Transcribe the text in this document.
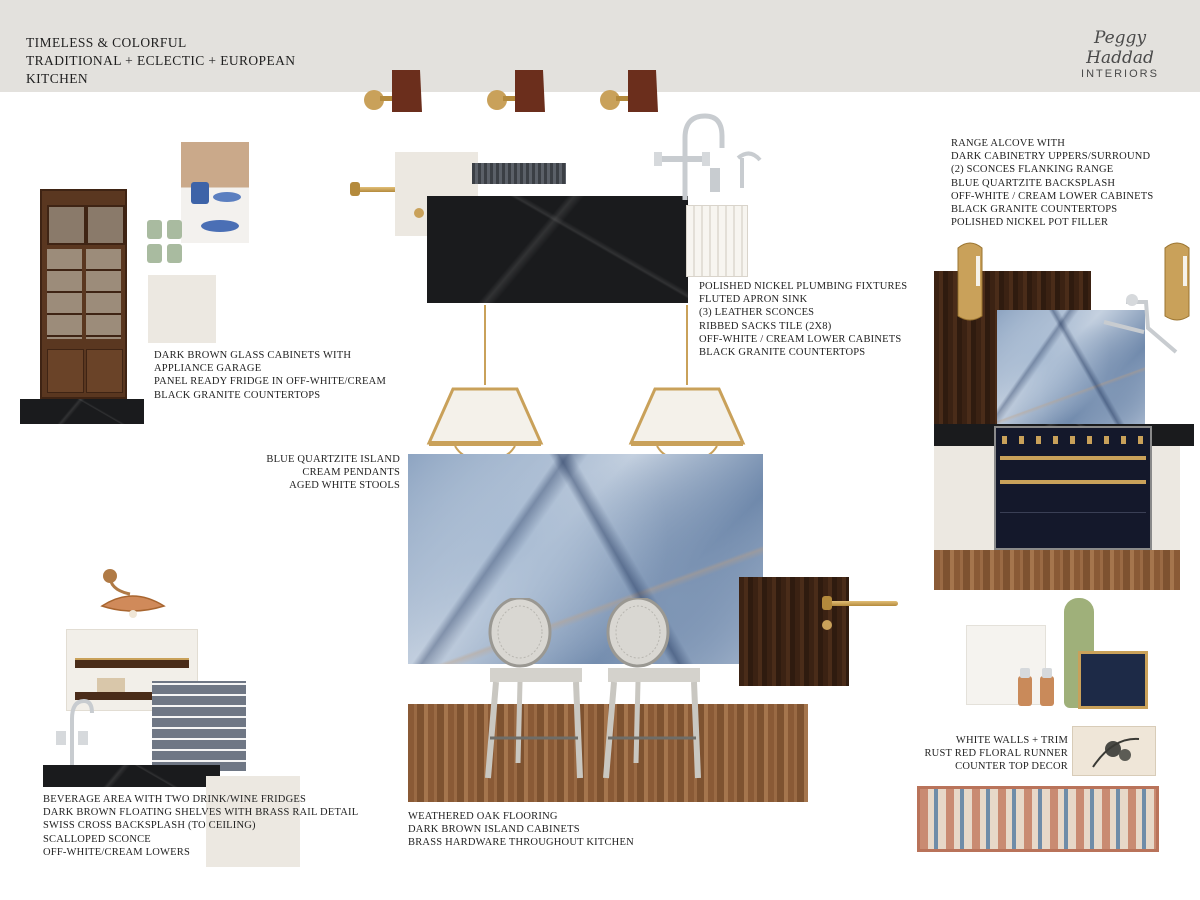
TIMELESS & COLORFUL
TRADITIONAL + ECLECTIC + EUROPEAN
KITCHEN
Peggy Haddad
INTERIORS
DARK BROWN GLASS CABINETS WITH
APPLIANCE GARAGE
PANEL READY FRIDGE IN OFF-WHITE/CREAM
BLACK GRANITE COUNTERTOPS
POLISHED NICKEL PLUMBING FIXTURES
FLUTED APRON SINK
(3) LEATHER SCONCES
RIBBED SACKS TILE (2X8)
OFF-WHITE / CREAM LOWER CABINETS
BLACK GRANITE COUNTERTOPS
BLUE QUARTZITE ISLAND
CREAM PENDANTS
AGED WHITE STOOLS
WEATHERED OAK FLOORING
DARK BROWN ISLAND CABINETS
BRASS HARDWARE THROUGHOUT KITCHEN
RANGE ALCOVE WITH
DARK CABINETRY UPPERS/SURROUND
(2) SCONCES FLANKING RANGE
BLUE QUARTZITE BACKSPLASH
OFF-WHITE / CREAM LOWER CABINETS
BLACK GRANITE COUNTERTOPS
POLISHED NICKEL POT FILLER
WHITE WALLS + TRIM
RUST RED FLORAL RUNNER
COUNTER TOP DECOR
BEVERAGE AREA WITH TWO DRINK/WINE FRIDGES
DARK BROWN FLOATING SHELVES WITH BRASS RAIL DETAIL
SWISS CROSS BACKSPLASH (TO CEILING)
SCALLOPED SCONCE
OFF-WHITE/CREAM LOWERS
